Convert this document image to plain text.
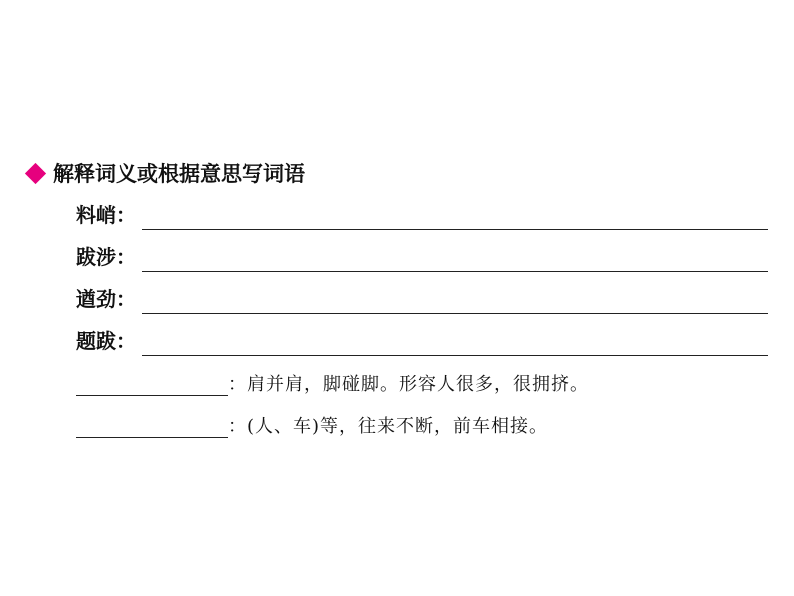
解释词义或根据意思写词语
料峭：
跋涉：
遒劲：
题跋：
：肩并肩，脚碰脚。形容人很多，很拥挤。
：(人、车)等，往来不断，前车相接。
